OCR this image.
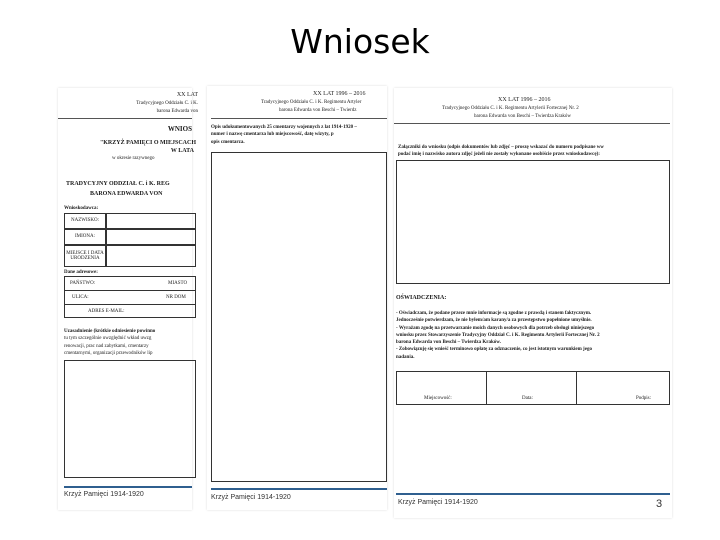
Wniosek
XX LAT
Tradycyjnego Oddziału C. i K.
barona Edwarda von
WNIOS
"KRZYŻ PAMIĘCI O MIEJSCACH
W LATA
w okresie razywnego
TRADYCYJNY ODDZIAŁ C. i K. REG
BARONA EDWARDA VON
Wnioskodawca:
NAZWISKO:
IMIONA:
MIEJSCE I DATA
URODZENIA
Dane adresowe:
PAŃSTWO:	MIASTO
ULICA:	NR DOM
ADRES E-MAIL:

Uzasadnienie (krótkie odniesienie powinno

tu tym szczególnie uwzględnić wkład uwzg

renowacji, prac nad zabytkami, cmentarzy

cmentarnymi, organizacji przewodników lip

Krzyż Pamięci 1914-1920
XX LAT 1996 – 2016
Tradycyjnego Oddziału C. i K. Regimentu Artyler
barona Edwarda von Beschi – Twierdz

Opis udokumentowanych 25 cmentarzy wojennych z lat 1914-1920 –

numer i nazwę cmentarza lub miejscowość, datę wizyty, p

opis cmentarza.

Krzyż Pamięci 1914-1920
XX LAT 1996 – 2016
Tradycyjnego Oddziału C. i K. Regimentu Artylerii Fortecznej Nr. 2
barona Edwarda von Beschi – Twierdza Kraków

Załączniki do wniosku (odpis dokumentów lub zdjęć – proszę wskazać do numeru podpisane ww

podać imię i nazwisko autora zdjęć jeżeli nie zostały wykonane osobiście przez wnioskodawcę):

OŚWIADCZENIA:

- Oświadczam, że podane przeze mnie informacje są zgodne z prawdą i stanem faktycznym.

Jednocześnie potwierdzam, że nie byłem/am karany/a za przestępstwo popełnione umyślnie.

- Wyrażam zgodę na przetwarzanie moich danych osobowych dla potrzeb obsługi niniejszego

wniosku przez Stowarzyszenie Tradycyjny Oddział C. i K. Regimentu Artylerii Fortecznej Nr. 2

barona Edwarda von Beschi – Twierdza Kraków.

- Zobowiązuję się wnieść terminowo opłatę za odznaczenie, co jest istotnym warunkiem jego

nadania.

Miejscowość:	Data:	Podpis:
Krzyż Pamięci 1914-1920	3
